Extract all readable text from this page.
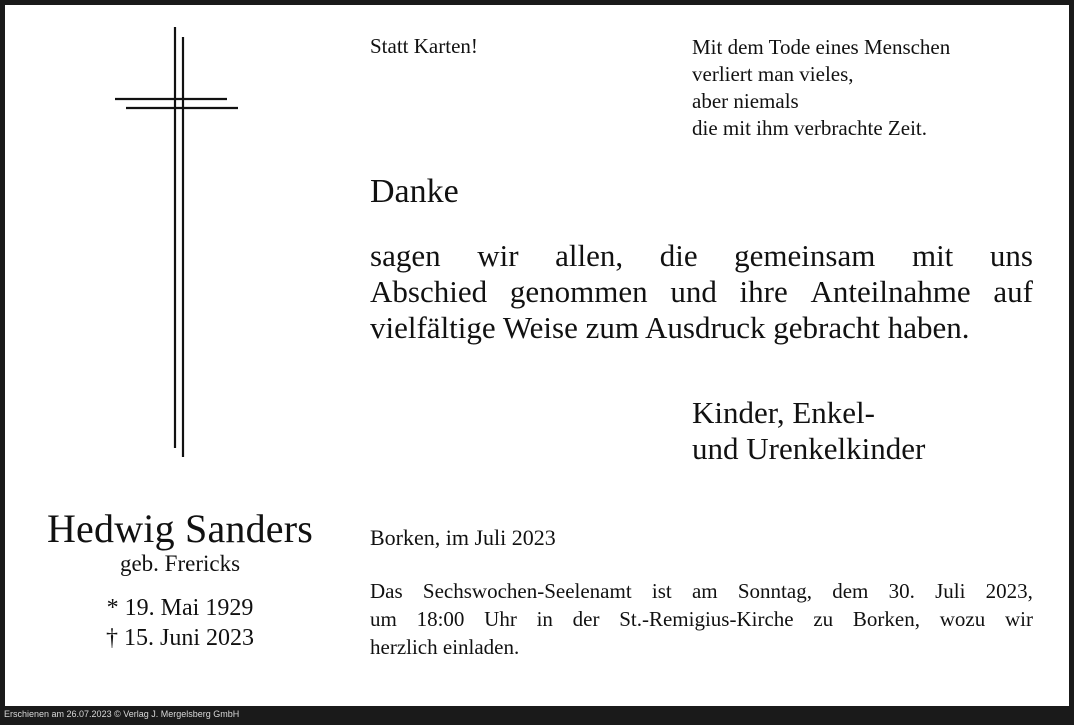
Hedwig Sanders
geb. Frericks
* 19. Mai 1929
† 15. Juni 2023
Statt Karten!	Mit dem Tode eines Menschen
verliert man vieles,
aber niemals
die mit ihm verbrachte Zeit.
Danke
sagen wir allen, die gemeinsam mit uns
Abschied genommen und ihre Anteilnahme auf
vielfältige Weise zum Ausdruck gebracht haben.
Kinder, Enkel-
und Urenkelkinder
Borken, im Juli 2023
Das Sechswochen-Seelenamt ist am Sonntag, dem 30. Juli 2023,
um 18:00 Uhr in der St.-Remigius-Kirche zu Borken, wozu wir
herzlich einladen.
Erschienen am 26.07.2023 © Verlag J. Mergelsberg GmbH
